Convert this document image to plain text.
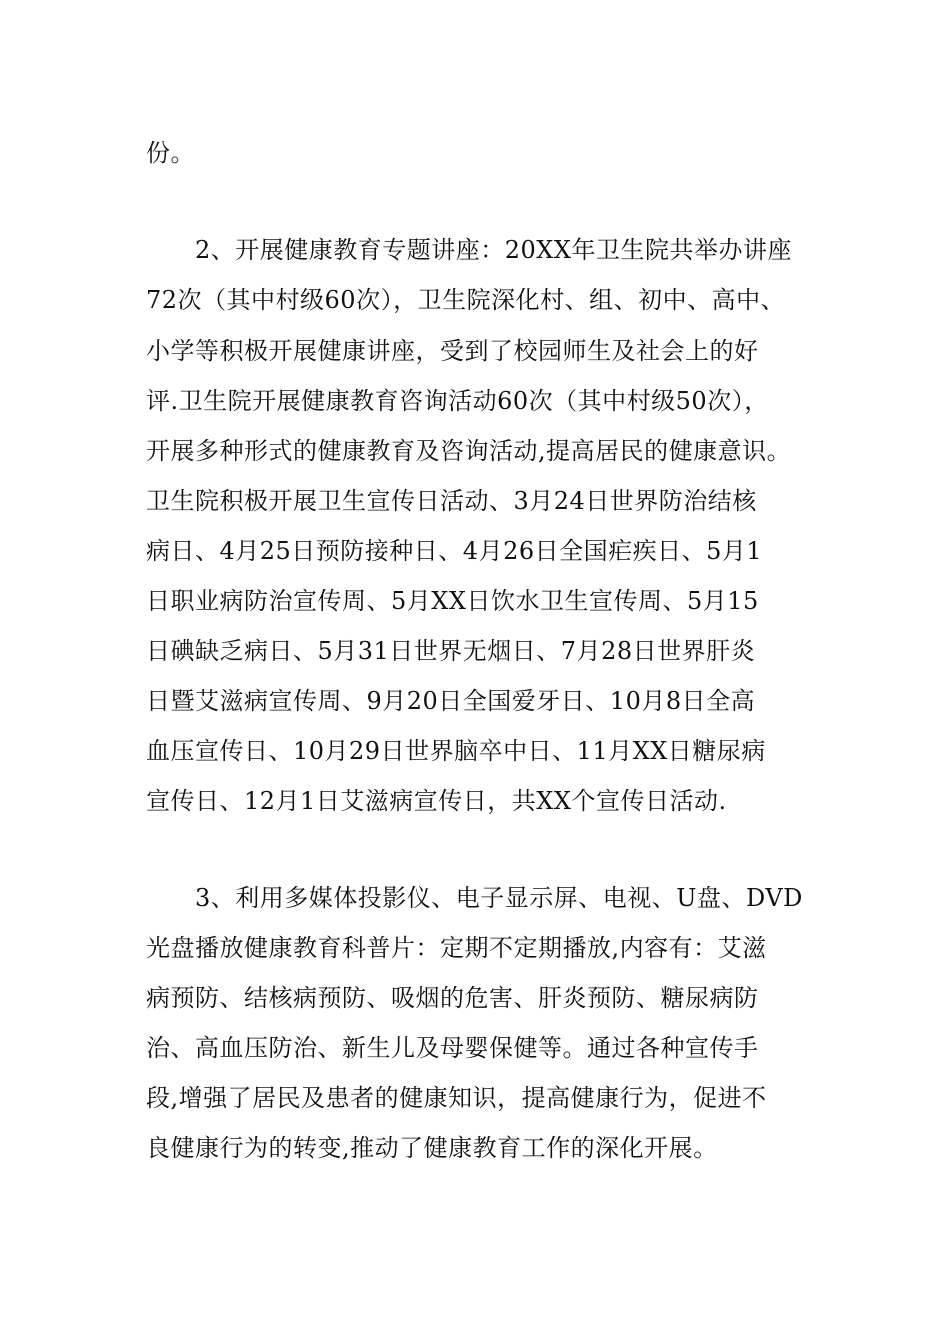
份。
　　2、开展健康教育专题讲座：20XX年卫生院共举办讲座
72次（其中村级60次），卫生院深化村、组、初中、高中、
小学等积极开展健康讲座，受到了校园师生及社会上的好
评.卫生院开展健康教育咨询活动60次（其中村级50次），
开展多种形式的健康教育及咨询活动,提高居民的健康意识。
卫生院积极开展卫生宣传日活动、3月24日世界防治结核
病日、4月25日预防接种日、4月26日全国疟疾日、5月1
日职业病防治宣传周、5月XX日饮水卫生宣传周、5月15
日碘缺乏病日、5月31日世界无烟日、7月28日世界肝炎
日暨艾滋病宣传周、9月20日全国爱牙日、10月8日全高
血压宣传日、10月29日世界脑卒中日、11月XX日糖尿病
宣传日、12月1日艾滋病宣传日，共XX个宣传日活动.
　　3、利用多媒体投影仪、电子显示屏、电视、U盘、DVD
光盘播放健康教育科普片：定期不定期播放,内容有：艾滋
病预防、结核病预防、吸烟的危害、肝炎预防、糖尿病防
治、高血压防治、新生儿及母婴保健等。通过各种宣传手
段,增强了居民及患者的健康知识，提高健康行为，促进不
良健康行为的转变,推动了健康教育工作的深化开展。
